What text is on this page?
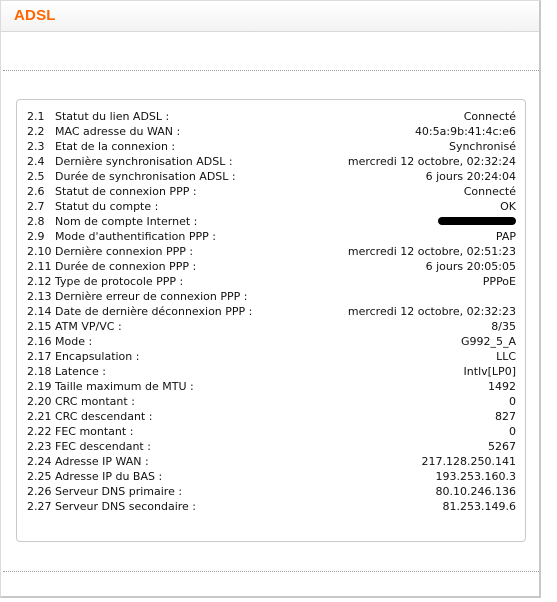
ADSL
2.1 Statut du lien ADSL :	Connecté
2.2 MAC adresse du WAN :	40:5a:9b:41:4c:e6
2.3 Etat de la connexion :	Synchronisé
2.4 Dernière synchronisation ADSL :	mercredi 12 octobre, 02:32:24
2.5 Durée de synchronisation ADSL :	6 jours 20:24:04
2.6 Statut de connexion PPP :	Connecté
2.7 Statut du compte :	OK
2.8 Nom de compte Internet :
2.9 Mode d'authentification PPP :	PAP
2.10 Dernière connexion PPP :	mercredi 12 octobre, 02:51:23
2.11 Durée de connexion PPP :	6 jours 20:05:05
2.12 Type de protocole PPP :	PPPoE
2.13 Dernière erreur de connexion PPP :
2.14 Date de dernière déconnexion PPP :	mercredi 12 octobre, 02:32:23
2.15 ATM VP/VC :	8/35
2.16 Mode :	G992_5_A
2.17 Encapsulation :	LLC
2.18 Latence :	Intlv[LP0]
2.19 Taille maximum de MTU :	1492
2.20 CRC montant :	0
2.21 CRC descendant :	827
2.22 FEC montant :	0
2.23 FEC descendant :	5267
2.24 Adresse IP WAN :	217.128.250.141
2.25 Adresse IP du BAS :	193.253.160.3
2.26 Serveur DNS primaire :	80.10.246.136
2.27 Serveur DNS secondaire :	81.253.149.6
